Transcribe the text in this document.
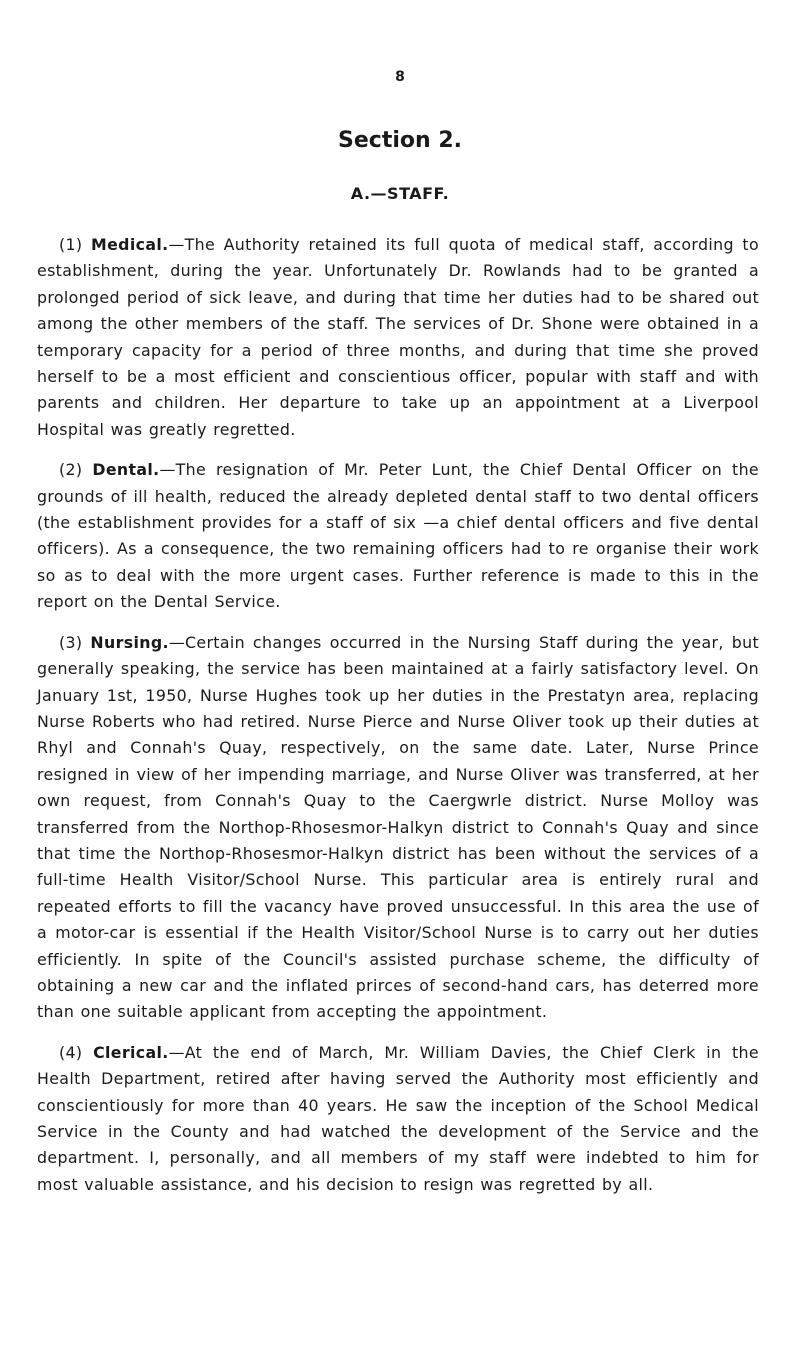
8
Section 2.
A.—STAFF.

(1) Medical.—The Authority retained its full quota of medical staff, according to establishment, during the year. Unfortunately Dr. Rowlands had to be granted a prolonged period of sick leave, and during that time her duties had to be shared out among the other members of the staff. The services of Dr. Shone were obtained in a temporary capacity for a period of three months, and during that time she proved herself to be a most efficient and conscientious officer, popular with staff and with parents and children. Her departure to take up an appointment at a Liverpool Hospital was greatly regretted.

(2) Dental.—The resignation of Mr. Peter Lunt, the Chief Dental Officer on the grounds of ill health, reduced the already depleted dental staff to two dental officers (the establishment provides for a staff of six —a chief dental officers and five dental officers). As a consequence, the two remaining officers had to re organise their work so as to deal with the more urgent cases. Further reference is made to this in the report on the Dental Service.

(3) Nursing.—Certain changes occurred in the Nursing Staff during the year, but generally speaking, the service has been maintained at a fairly satisfactory level. On January 1st, 1950, Nurse Hughes took up her duties in the Prestatyn area, replacing Nurse Roberts who had retired. Nurse Pierce and Nurse Oliver took up their duties at Rhyl and Connah's Quay, respectively, on the same date. Later, Nurse Prince resigned in view of her impending marriage, and Nurse Oliver was transferred, at her own request, from Connah's Quay to the Caergwrle district. Nurse Molloy was transferred from the Northop-Rhosesmor-Halkyn district to Connah's Quay and since that time the Northop-Rhosesmor-Halkyn district has been without the services of a full-time Health Visitor/School Nurse. This particular area is entirely rural and repeated efforts to fill the vacancy have proved unsuccessful. In this area the use of a motor-car is essential if the Health Visitor/School Nurse is to carry out her duties efficiently. In spite of the Council's assisted purchase scheme, the difficulty of obtaining a new car and the inflated prirces of second-hand cars, has deterred more than one suitable applicant from accepting the appointment.

(4) Clerical.—At the end of March, Mr. William Davies, the Chief Clerk in the Health Department, retired after having served the Authority most efficiently and conscientiously for more than 40 years. He saw the inception of the School Medical Service in the County and had watched the development of the Service and the department. I, personally, and all members of my staff were indebted to him for most valuable assistance, and his decision to resign was regretted by all.
